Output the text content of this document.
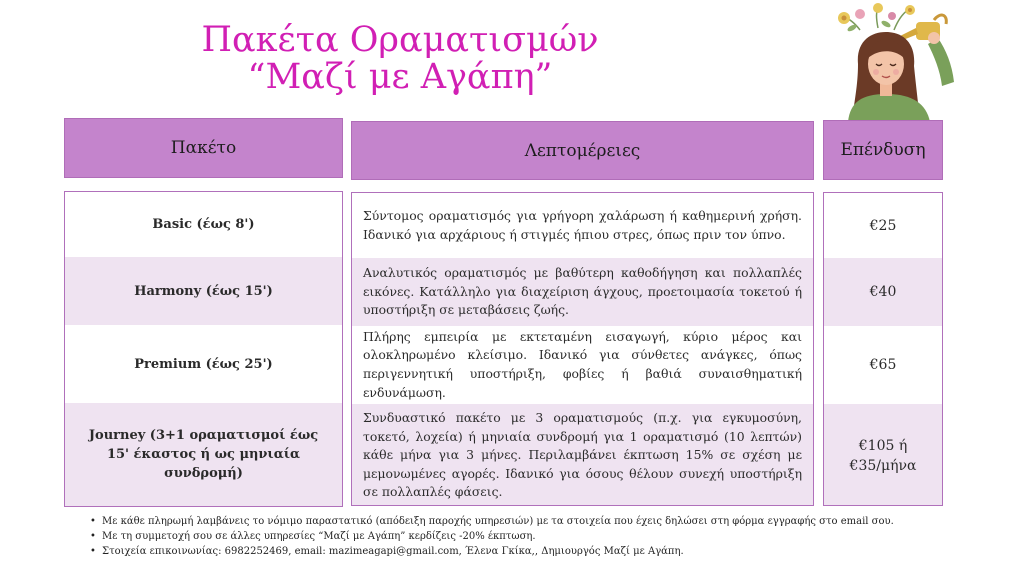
Πακέτα Οραματισμών
“Μαζί με Αγάπη”
Πακέτο	Λεπτομέρειες	Επένδυση
Basic (έως 8')
Harmony (έως 15')
Premium (έως 25')
Journey (3+1 οραματισμοί έως 15' έκαστος ή ως μηνιαία συνδρομή)
Σύντομος οραματισμός για γρήγορη χαλάρωση ή καθημερινή χρήση. Ιδανικό για αρχάριους ή στιγμές ήπιου στρες, όπως πριν τον ύπνο.
Αναλυτικός οραματισμός με βαθύτερη καθοδήγηση και πολλαπλές εικόνες. Κατάλληλο για διαχείριση άγχους, προετοιμασία τοκετού ή υποστήριξη σε μεταβάσεις ζωής.
Πλήρης εμπειρία με εκτεταμένη εισαγωγή, κύριο μέρος και ολοκληρωμένο κλείσιμο. Ιδανικό για σύνθετες ανάγκες, όπως περιγεννητική υποστήριξη, φοβίες ή βαθιά συναισθηματική ενδυνάμωση.
Συνδυαστικό πακέτο με 3 οραματισμούς (π.χ. για εγκυμοσύνη, τοκετό, λοχεία) ή μηνιαία συνδρομή για 1 οραματισμό (10 λεπτών) κάθε μήνα για 3 μήνες. Περιλαμβάνει έκπτωση 15% σε σχέση με μεμονωμένες αγορές. Ιδανικό για όσους θέλουν συνεχή υποστήριξη σε πολλαπλές φάσεις.
€25
€40
€65
€105 ή
€35/μήνα
• Με κάθε πληρωμή λαμβάνεις το νόμιμο παραστατικό (απόδειξη παροχής υπηρεσιών) με τα στοιχεία που έχεις δηλώσει στη φόρμα εγγραφής στο email σου.
• Με τη συμμετοχή σου σε άλλες υπηρεσίες “Μαζί με Αγάπη” κερδίζεις -20% έκπτωση.
• Στοιχεία επικοινωνίας: 6982252469, email: mazimeagapi@gmail.com, Έλενα Γκίκα,, Δημιουργός Μαζί με Αγάπη.
